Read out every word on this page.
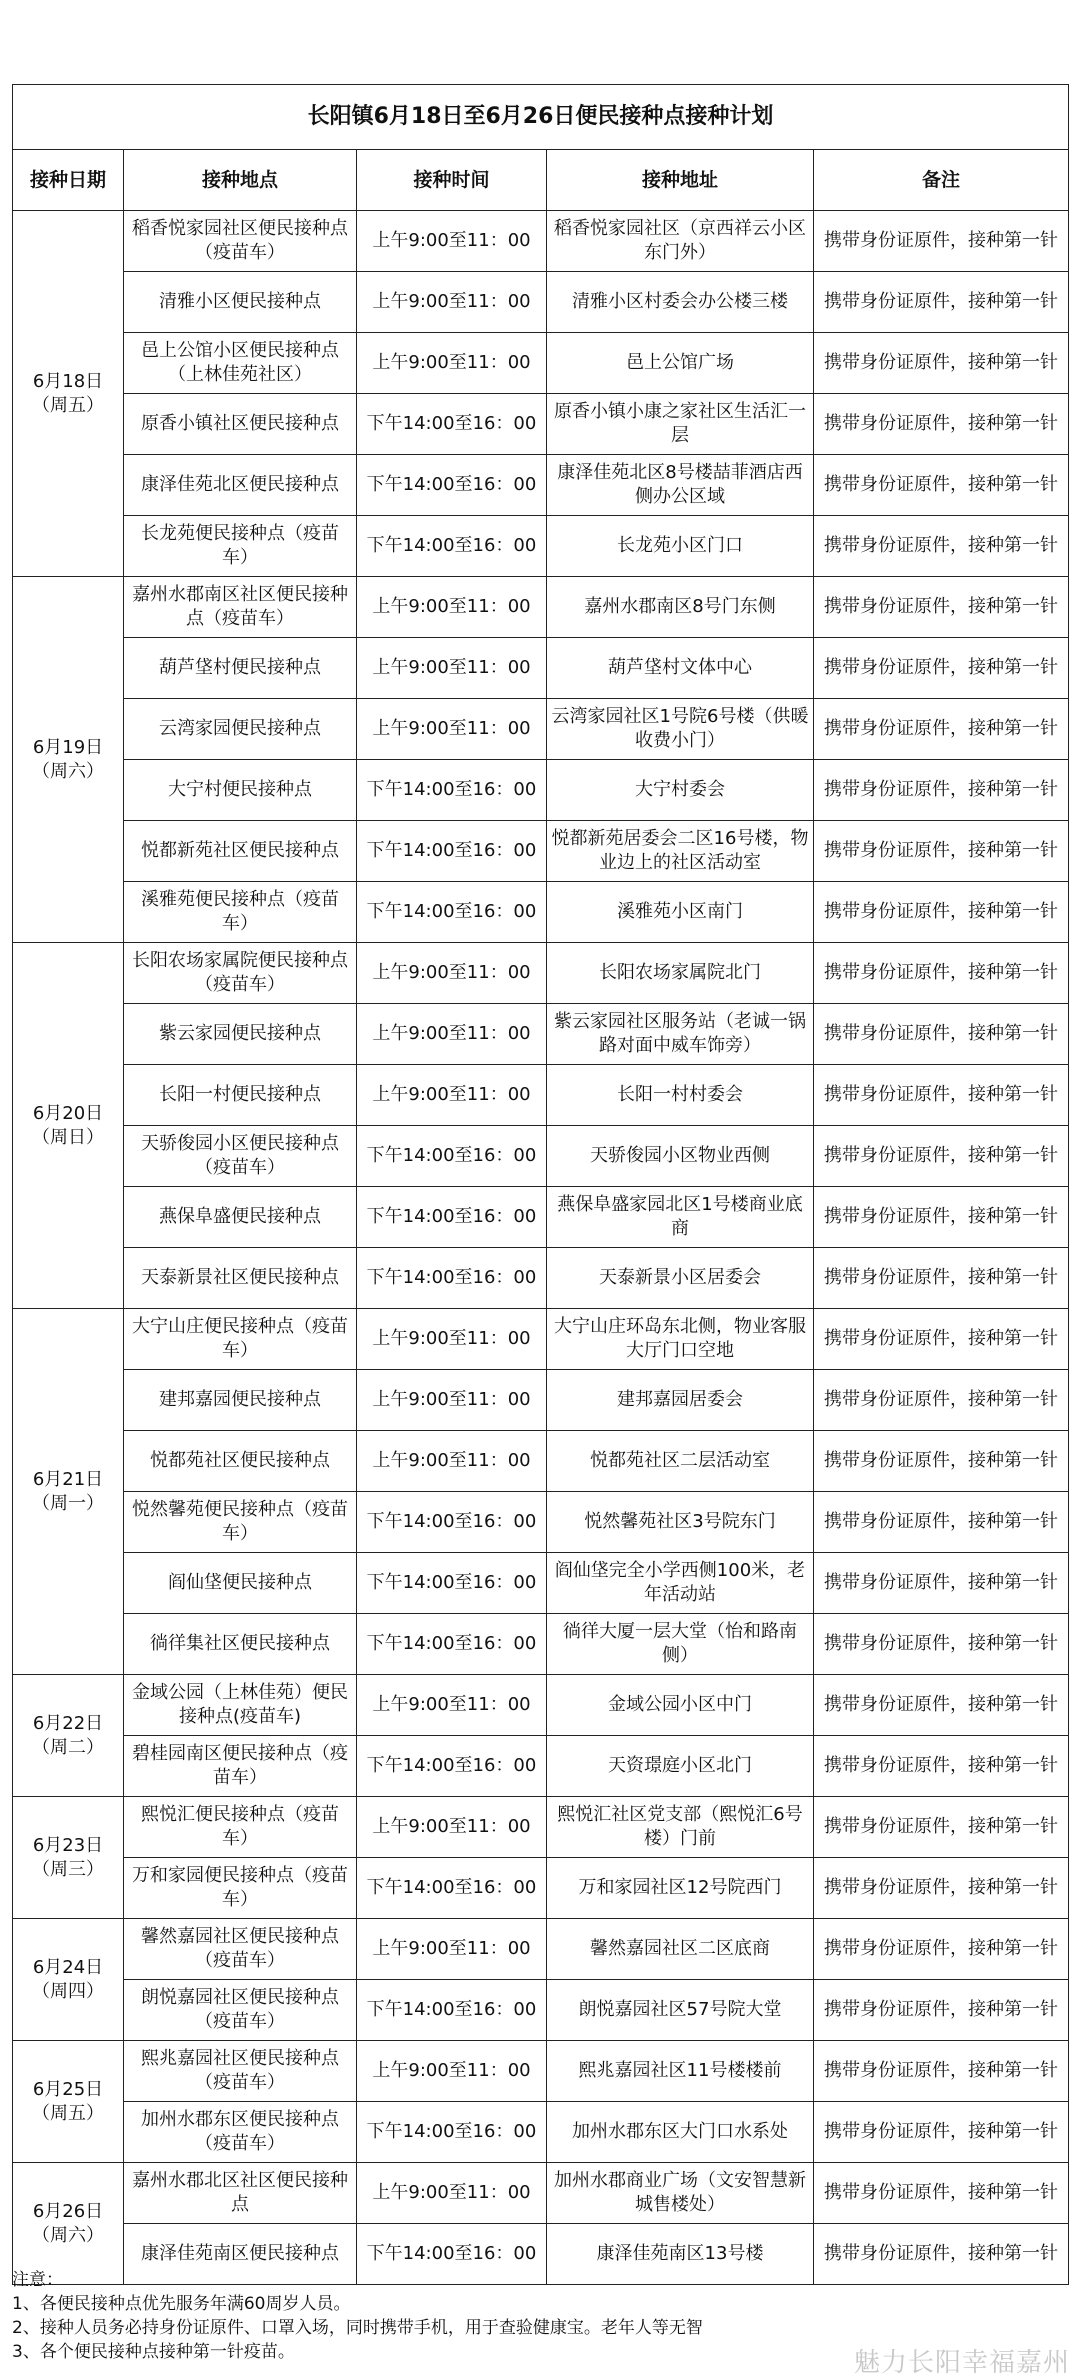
长阳镇6月18日至6月26日便民接种点接种计划				
接种日期	接种地点	接种时间	接种地址	备注
6月18日
（周五）	稻香悦家园社区便民接种点（疫苗车）	上午9:00至11：00	稻香悦家园社区（京西祥云小区东门外）	携带身份证原件，接种第一针
	清雅小区便民接种点	上午9:00至11：00	清雅小区村委会办公楼三楼	携带身份证原件，接种第一针
	邑上公馆小区便民接种点（上林佳苑社区）	上午9:00至11：00	邑上公馆广场	携带身份证原件，接种第一针
	原香小镇社区便民接种点	下午14:00至16：00	原香小镇小康之家社区生活汇一层	携带身份证原件，接种第一针
	康泽佳苑北区便民接种点	下午14:00至16：00	康泽佳苑北区8号楼喆菲酒店西侧办公区域	携带身份证原件，接种第一针
	长龙苑便民接种点（疫苗车）	下午14:00至16：00	长龙苑小区门口	携带身份证原件，接种第一针
6月19日
（周六）	嘉州水郡南区社区便民接种点（疫苗车）	上午9:00至11：00	嘉州水郡南区8号门东侧	携带身份证原件，接种第一针
	葫芦垡村便民接种点	上午9:00至11：00	葫芦垡村文体中心	携带身份证原件，接种第一针
	云湾家园便民接种点	上午9:00至11：00	云湾家园社区1号院6号楼（供暖收费小门）	携带身份证原件，接种第一针
	大宁村便民接种点	下午14:00至16：00	大宁村委会	携带身份证原件，接种第一针
	悦都新苑社区便民接种点	下午14:00至16：00	悦都新苑居委会二区16号楼，物业边上的社区活动室	携带身份证原件，接种第一针
	溪雅苑便民接种点（疫苗车）	下午14:00至16：00	溪雅苑小区南门	携带身份证原件，接种第一针
6月20日（周日）	长阳农场家属院便民接种点（疫苗车）	上午9:00至11：00	长阳农场家属院北门	携带身份证原件，接种第一针
	紫云家园便民接种点	上午9:00至11：00	紫云家园社区服务站（老诚一锅路对面中威车饰旁）	携带身份证原件，接种第一针
	长阳一村便民接种点	上午9:00至11：00	长阳一村村委会	携带身份证原件，接种第一针
	天骄俊园小区便民接种点（疫苗车）	下午14:00至16：00	天骄俊园小区物业西侧	携带身份证原件，接种第一针
	燕保阜盛便民接种点	下午14:00至16：00	燕保阜盛家园北区1号楼商业底商	携带身份证原件，接种第一针
	天泰新景社区便民接种点	下午14:00至16：00	天泰新景小区居委会	携带身份证原件，接种第一针
6月21日（周一）	大宁山庄便民接种点（疫苗车）	上午9:00至11：00	大宁山庄环岛东北侧，物业客服大厅门口空地	携带身份证原件，接种第一针
	建邦嘉园便民接种点	上午9:00至11：00	建邦嘉园居委会	携带身份证原件，接种第一针
	悦都苑社区便民接种点	上午9:00至11：00	悦都苑社区二层活动室	携带身份证原件，接种第一针
	悦然馨苑便民接种点（疫苗车）	下午14:00至16：00	悦然馨苑社区3号院东门	携带身份证原件，接种第一针
	阎仙垡便民接种点	下午14:00至16：00	阎仙垡完全小学西侧100米，老年活动站	携带身份证原件，接种第一针
	徜徉集社区便民接种点	下午14:00至16：00	徜徉大厦一层大堂（怡和路南侧）	携带身份证原件，接种第一针
6月22日
（周二）	金域公园（上林佳苑）便民接种点(疫苗车)	上午9:00至11：00	金域公园小区中门	携带身份证原件，接种第一针
	碧桂园南区便民接种点（疫苗车）	下午14:00至16：00	天资璟庭小区北门	携带身份证原件，接种第一针
6月23日
（周三）	熙悦汇便民接种点（疫苗车）	上午9:00至11：00	熙悦汇社区党支部（熙悦汇6号楼）门前	携带身份证原件，接种第一针
	万和家园便民接种点（疫苗车）	下午14:00至16：00	万和家园社区12号院西门	携带身份证原件，接种第一针
6月24日
（周四）	馨然嘉园社区便民接种点（疫苗车）	上午9:00至11：00	馨然嘉园社区二区底商	携带身份证原件，接种第一针
	朗悦嘉园社区便民接种点（疫苗车）	下午14:00至16：00	朗悦嘉园社区57号院大堂	携带身份证原件，接种第一针
6月25日
（周五）	熙兆嘉园社区便民接种点（疫苗车）	上午9:00至11：00	熙兆嘉园社区11号楼楼前	携带身份证原件，接种第一针
	加州水郡东区便民接种点（疫苗车）	下午14:00至16：00	加州水郡东区大门口水系处	携带身份证原件，接种第一针
6月26日
（周六）	嘉州水郡北区社区便民接种点	上午9:00至11：00	加州水郡商业广场（文安智慧新城售楼处）	携带身份证原件，接种第一针
	康泽佳苑南区便民接种点	下午14:00至16：00	康泽佳苑南区13号楼	携带身份证原件，接种第一针
注意：
1、各便民接种点优先服务年满60周岁人员。
2、接种人员务必持身份证原件、口罩入场，同时携带手机，用于查验健康宝。老年人等无智
3、各个便民接种点接种第一针疫苗。	魅力长阳幸福嘉州
